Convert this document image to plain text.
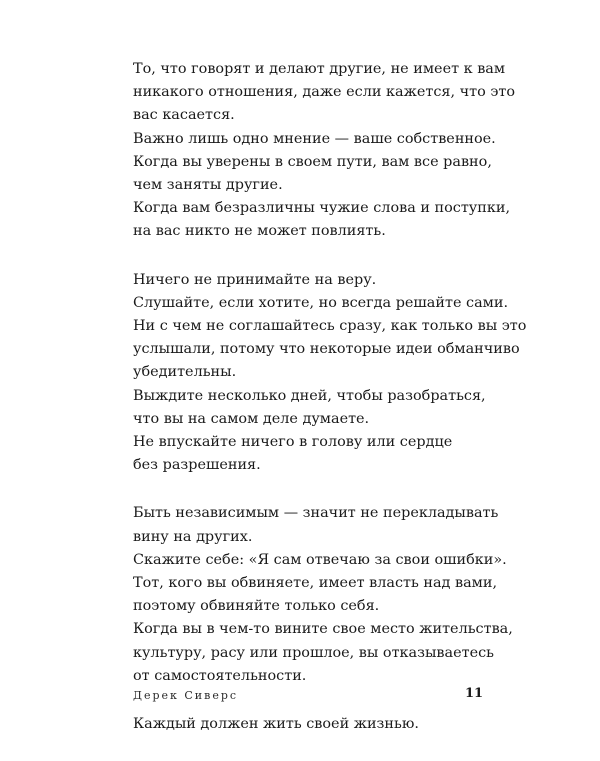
То, что говорят и делают другие, не имеет к вам
никакого отношения, даже если кажется, что это
вас касается.
Важно лишь одно мнение — ваше собственное.
Когда вы уверены в своем пути, вам все равно,
чем заняты другие.
Когда вам безразличны чужие слова и поступки,
на вас никто не может повлиять.
Ничего не принимайте на веру.
Слушайте, если хотите, но всегда решайте сами.
Ни с чем не соглашайтесь сразу, как только вы это
услышали, потому что некоторые идеи обманчиво
убедительны.
Выждите несколько дней, чтобы разобраться,
что вы на самом деле думаете.
Не впускайте ничего в голову или сердце
без разрешения.
Быть независимым — значит не перекладывать
вину на других.
Скажите себе: «Я сам отвечаю за свои ошибки».
Тот, кого вы обвиняете, имеет власть над вами,
поэтому обвиняйте только себя.
Когда вы в чем-то вините свое место жительства,
культуру, расу или прошлое, вы отказываетесь
от самостоятельности.
Каждый должен жить своей жизнью.
Дерек Сиверс	11
